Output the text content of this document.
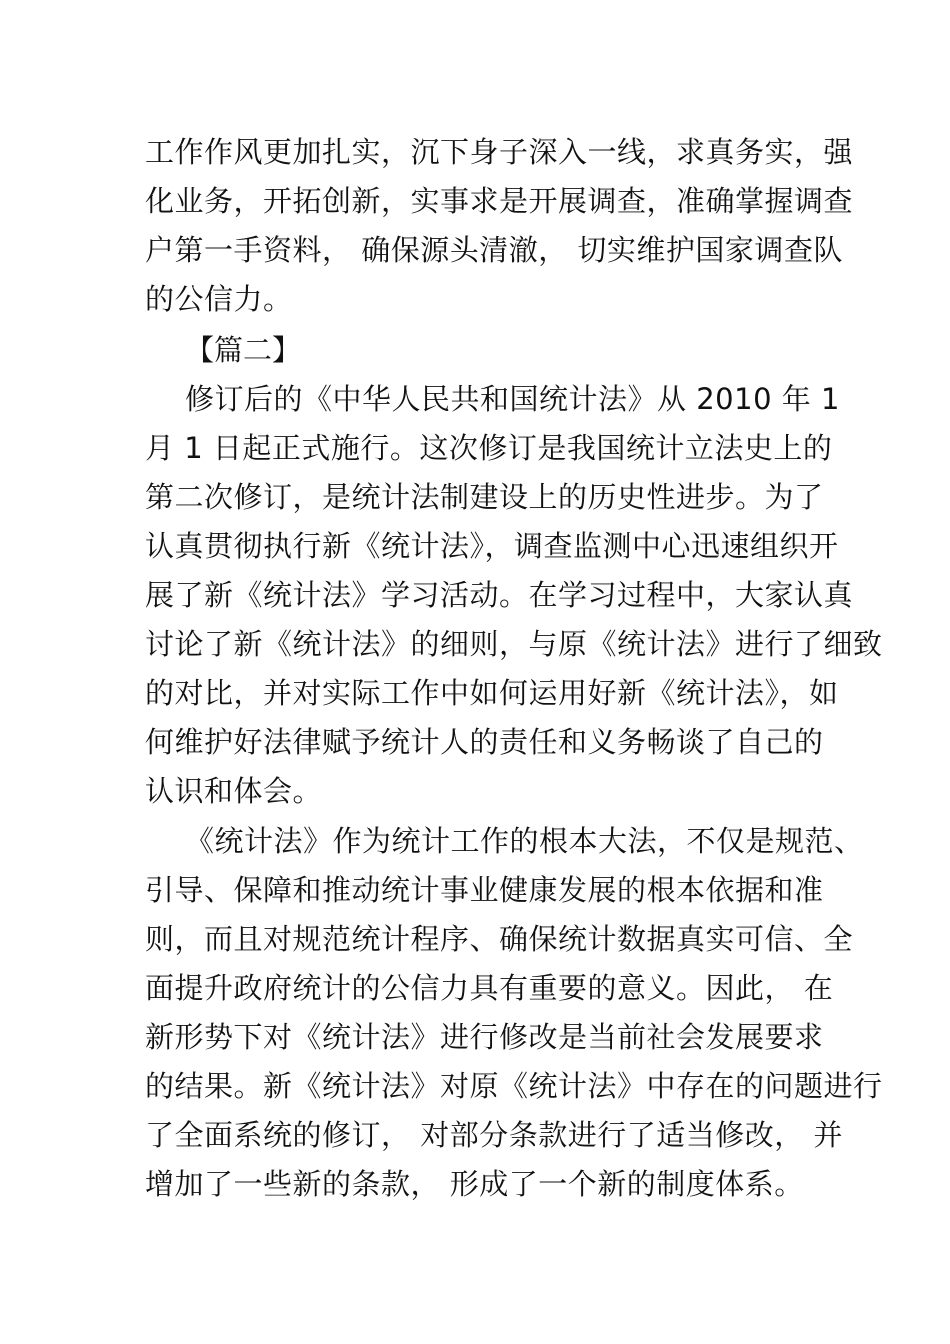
工作作风更加扎实，沉下身子深入一线，求真务实，强
化业务，开拓创新，实事求是开展调查，准确掌握调查
户第一手资料， 确保源头清澈， 切实维护国家调查队
的公信力。
【篇二】
修订后的《中华人民共和国统计法》从 2010 年 1
月 1 日起正式施行。这次修订是我国统计立法史上的
第二次修订，是统计法制建设上的历史性进步。为了
认真贯彻执行新《统计法》，调查监测中心迅速组织开
展了新《统计法》学习活动。在学习过程中，大家认真
讨论了新《统计法》的细则，与原《统计法》进行了细致
的对比，并对实际工作中如何运用好新《统计法》，如
何维护好法律赋予统计人的责任和义务畅谈了自己的
认识和体会。
《统计法》作为统计工作的根本大法，不仅是规范、
引导、保障和推动统计事业健康发展的根本依据和准
则，而且对规范统计程序、确保统计数据真实可信、全
面提升政府统计的公信力具有重要的意义。因此， 在
新形势下对《统计法》进行修改是当前社会发展要求
的结果。新《统计法》对原《统计法》中存在的问题进行
了全面系统的修订， 对部分条款进行了适当修改， 并
增加了一些新的条款， 形成了一个新的制度体系。
